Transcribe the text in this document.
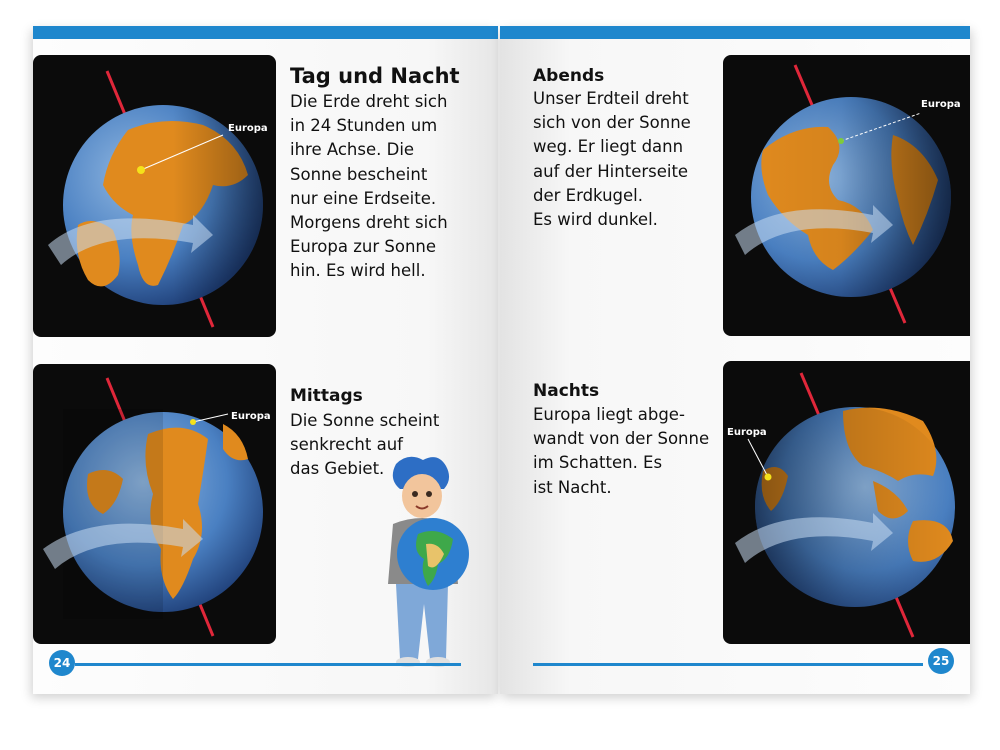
Europa
Tag und Nacht

Die Erde dreht sich
in 24 Stunden um
ihre Achse. Die
Sonne bescheint
nur eine Erdseite.
Morgens dreht sich
Europa zur Sonne
hin. Es wird hell.

Europa
Mittags

Die Sonne scheint
senkrecht auf
das Gebiet.

24
Abends

Unser Erdteil dreht
sich von der Sonne
weg. Er liegt dann
auf der Hinterseite
der Erdkugel.
Es wird dunkel.

Europa
Nachts

Europa liegt abge-
wandt von der Sonne
im Schatten. Es
ist Nacht.

Europa
25
